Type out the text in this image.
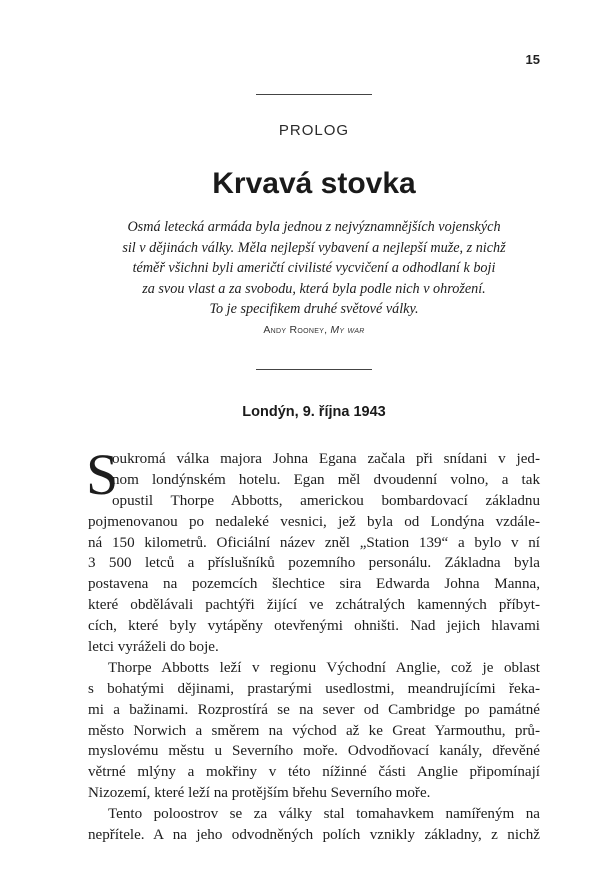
15
PROLOG
Krvavá stovka
Osmá letecká armáda byla jednou z nejvýznamnějších vojenských
sil v dějinách války. Měla nejlepší vybavení a nejlepší muže, z nichž
téměř všichni byli američtí civilisté vycvičení a odhodlaní k boji
za svou vlast a za svobodu, která byla podle nich v ohrožení.
To je specifikem druhé světové války.
Andy Rooney, My war
Londýn, 9. října 1943
S
oukromá válka majora Johna Egana začala při snídani v jed-
nom londýnském hotelu. Egan měl dvoudenní volno, a tak
opustil Thorpe Abbotts, americkou bombardovací základnu
pojmenovanou po nedaleké vesnici, jež byla od Londýna vzdále-
ná 150 kilometrů. Oficiální název zněl „Station 139“ a bylo v ní
3 500 letců a příslušníků pozemního personálu. Základna byla
postavena na pozemcích šlechtice sira Edwarda Johna Manna,
které obdělávali pachtýři žijící ve zchátralých kamenných příbyt-
cích, které byly vytápěny otevřenými ohništi. Nad jejich hlavami
letci vyráželi do boje.
Thorpe Abbotts leží v regionu Východní Anglie, což je oblast
s bohatými dějinami, prastarými usedlostmi, meandrujícími řeka-
mi a bažinami. Rozprostírá se na sever od Cambridge po památné
město Norwich a směrem na východ až ke Great Yarmouthu, prů-
myslovému městu u Severního moře. Odvodňovací kanály, dřevěné
větrné mlýny a mokřiny v této nížinné části Anglie připomínají
Nizozemí, které leží na protějším břehu Severního moře.
Tento poloostrov se za války stal tomahavkem namířeným na
nepřítele. A na jeho odvodněných polích vznikly základny, z nichž
